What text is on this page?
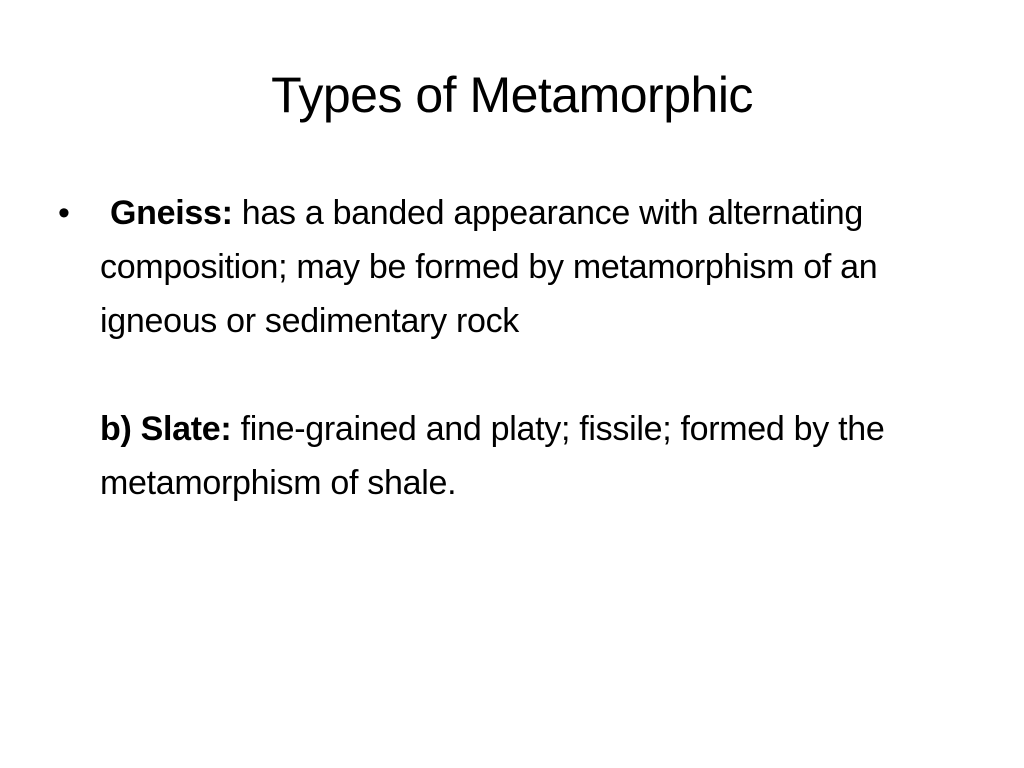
Types of Metamorphic
•	Gneiss: has a banded appearance with alternating composition; may be formed by metamorphism of an igneous or sedimentary rock
b) Slate: fine-grained and platy; fissile; formed by the metamorphism of shale.
